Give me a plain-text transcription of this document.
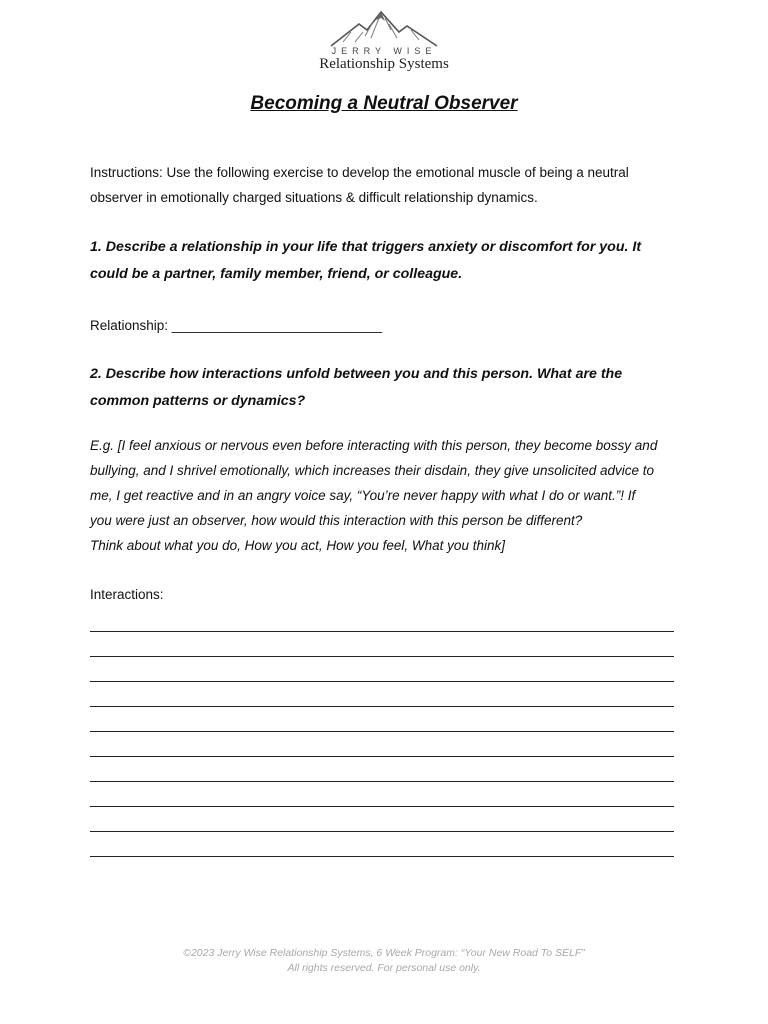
JERRY WISE
Relationship Systems
Becoming a Neutral Observer

Instructions: Use the following exercise to develop the emotional muscle of being a neutral

observer in emotionally charged situations & difficult relationship dynamics.

1. Describe a relationship in your life that triggers anxiety or discomfort for you. It

could be a partner, family member, friend, or colleague.

Relationship: ____________________________

2. Describe how interactions unfold between you and this person. What are the

common patterns or dynamics?

E.g. [I feel anxious or nervous even before interacting with this person, they become bossy and

bullying, and I shrivel emotionally, which increases their disdain, they give unsolicited advice to

me, I get reactive and in an angry voice say, “You’re never happy with what I do or want.”! If

you were just an observer, how would this interaction with this person be different?

Think about what you do, How you act, How you feel, What you think]

Interactions:

©2023 Jerry Wise Relationship Systems, 6 Week Program: “Your New Road To SELF”
All rights reserved. For personal use only.
